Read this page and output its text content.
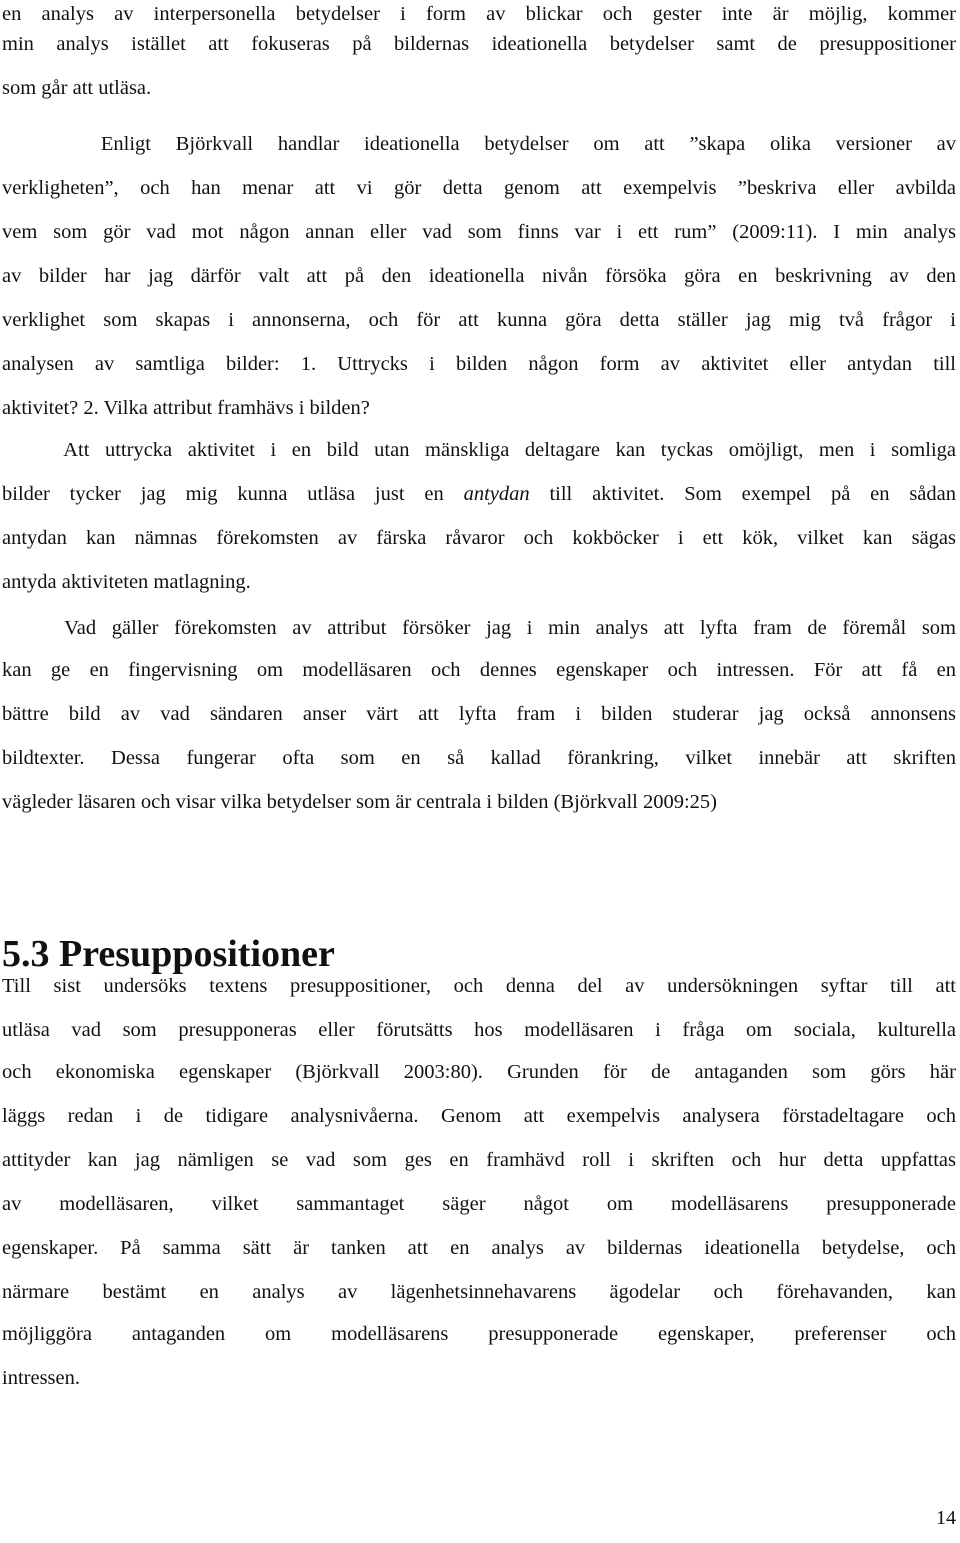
en analys av interpersonella betydelser i form av blickar och gester inte är möjlig, kommer
min analys istället att fokuseras på bildernas ideationella betydelser samt de presuppositioner
som går att utläsa.
Enligt Björkvall handlar ideationella betydelser om att ”skapa olika versioner av
verkligheten”, och han menar att vi gör detta genom att exempelvis ”beskriva eller avbilda
vem som gör vad mot någon annan eller vad som finns var i ett rum” (2009:11). I min analys
av bilder har jag därför valt att på den ideationella nivån försöka göra en beskrivning av den
verklighet som skapas i annonserna, och för att kunna göra detta ställer jag mig två frågor i
analysen av samtliga bilder: 1. Uttrycks i bilden någon form av aktivitet eller antydan till
aktivitet? 2. Vilka attribut framhävs i bilden?
Att uttrycka aktivitet i en bild utan mänskliga deltagare kan tyckas omöjligt, men i somliga
bilder tycker jag mig kunna utläsa just en antydan till aktivitet. Som exempel på en sådan
antydan kan nämnas förekomsten av färska råvaror och kokböcker i ett kök, vilket kan sägas
antyda aktiviteten matlagning.
Vad gäller förekomsten av attribut försöker jag i min analys att lyfta fram de föremål som
kan ge en fingervisning om modelläsaren och dennes egenskaper och intressen. För att få en
bättre bild av vad sändaren anser värt att lyfta fram i bilden studerar jag också annonsens
bildtexter. Dessa fungerar ofta som en så kallad förankring, vilket innebär att skriften
vägleder läsaren och visar vilka betydelser som är centrala i bilden (Björkvall 2009:25)
Till sist undersöks textens presuppositioner, och denna del av undersökningen syftar till att
utläsa vad som presupponeras eller förutsätts hos modelläsaren i fråga om sociala, kulturella
och ekonomiska egenskaper (Björkvall 2003:80). Grunden för de antaganden som görs här
läggs redan i de tidigare analysnivåerna. Genom att exempelvis analysera förstadeltagare och
attityder kan jag nämligen se vad som ges en framhävd roll i skriften och hur detta uppfattas
av modelläsaren, vilket sammantaget säger något om modelläsarens presupponerade
egenskaper. På samma sätt är tanken att en analys av bildernas ideationella betydelse, och
närmare bestämt en analys av lägenhetsinnehavarens ägodelar och förehavanden, kan
möjliggöra antaganden om modelläsarens presupponerade egenskaper, preferenser och
intressen.
5.3 Presuppositioner
14
